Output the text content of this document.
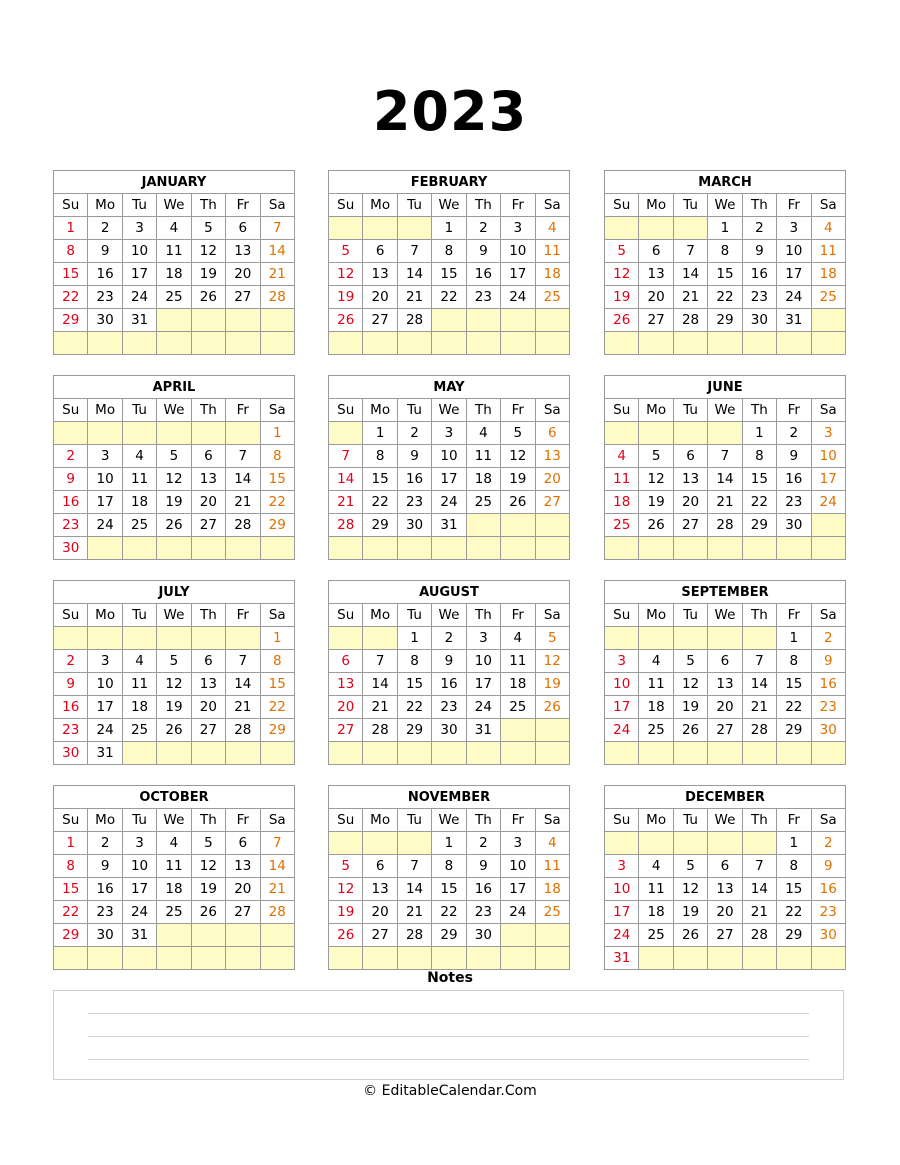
2023
JANUARY						
Su	Mo	Tu	We	Th	Fr	Sa
1	2	3	4	5	6	7
8	9	10	11	12	13	14
15	16	17	18	19	20	21
22	23	24	25	26	27	28
29	30	31				

FEBRUARY						
Su	Mo	Tu	We	Th	Fr	Sa
			1	2	3	4
5	6	7	8	9	10	11
12	13	14	15	16	17	18
19	20	21	22	23	24	25
26	27	28				

MARCH						
Su	Mo	Tu	We	Th	Fr	Sa
			1	2	3	4
5	6	7	8	9	10	11
12	13	14	15	16	17	18
19	20	21	22	23	24	25
26	27	28	29	30	31	

APRIL						
Su	Mo	Tu	We	Th	Fr	Sa
						1
2	3	4	5	6	7	8
9	10	11	12	13	14	15
16	17	18	19	20	21	22
23	24	25	26	27	28	29
30						
MAY						
Su	Mo	Tu	We	Th	Fr	Sa
	1	2	3	4	5	6
7	8	9	10	11	12	13
14	15	16	17	18	19	20
21	22	23	24	25	26	27
28	29	30	31			

JUNE						
Su	Mo	Tu	We	Th	Fr	Sa
				1	2	3
4	5	6	7	8	9	10
11	12	13	14	15	16	17
18	19	20	21	22	23	24
25	26	27	28	29	30	

JULY						
Su	Mo	Tu	We	Th	Fr	Sa
						1
2	3	4	5	6	7	8
9	10	11	12	13	14	15
16	17	18	19	20	21	22
23	24	25	26	27	28	29
30	31					
AUGUST						
Su	Mo	Tu	We	Th	Fr	Sa
		1	2	3	4	5
6	7	8	9	10	11	12
13	14	15	16	17	18	19
20	21	22	23	24	25	26
27	28	29	30	31		

SEPTEMBER						
Su	Mo	Tu	We	Th	Fr	Sa
					1	2
3	4	5	6	7	8	9
10	11	12	13	14	15	16
17	18	19	20	21	22	23
24	25	26	27	28	29	30

OCTOBER						
Su	Mo	Tu	We	Th	Fr	Sa
1	2	3	4	5	6	7
8	9	10	11	12	13	14
15	16	17	18	19	20	21
22	23	24	25	26	27	28
29	30	31				

NOVEMBER						
Su	Mo	Tu	We	Th	Fr	Sa
			1	2	3	4
5	6	7	8	9	10	11
12	13	14	15	16	17	18
19	20	21	22	23	24	25
26	27	28	29	30		

DECEMBER						
Su	Mo	Tu	We	Th	Fr	Sa
					1	2
3	4	5	6	7	8	9
10	11	12	13	14	15	16
17	18	19	20	21	22	23
24	25	26	27	28	29	30
31						
Notes
© EditableCalendar.Com
